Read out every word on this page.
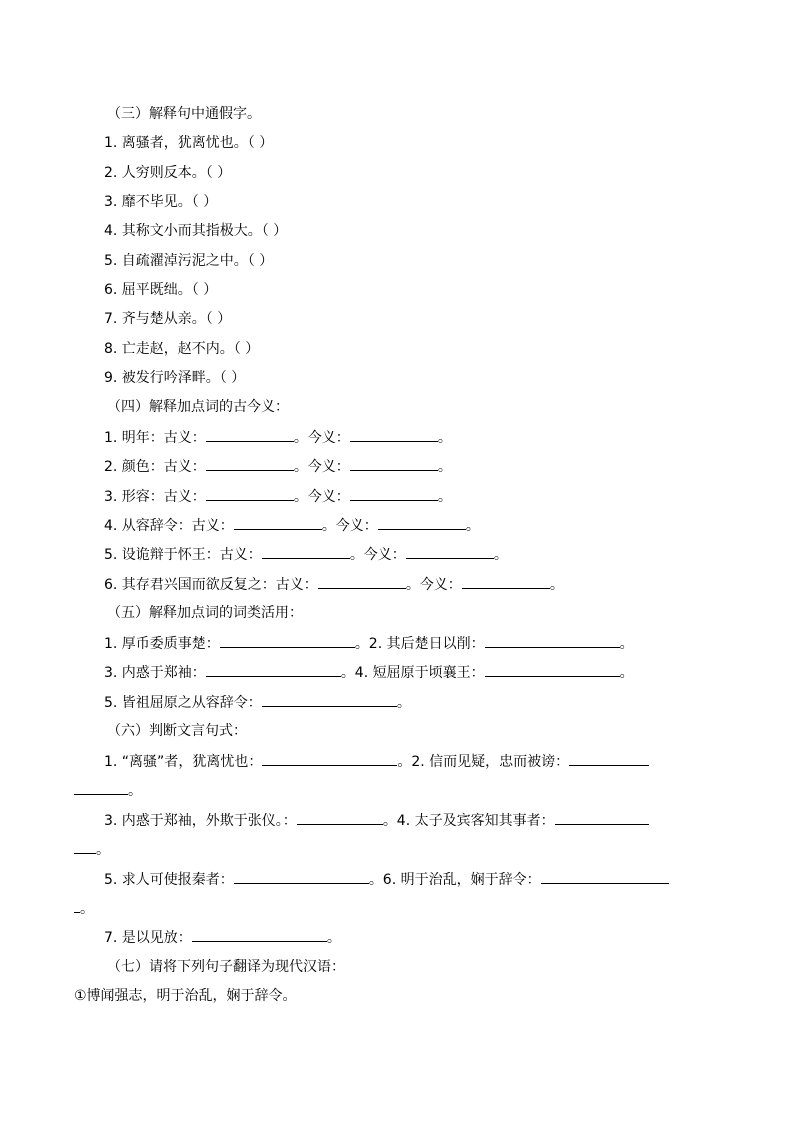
（三）解释句中通假字。
1. 离骚者，犹离忧也。（ ）
2. 人穷则反本。（ ）
3. 靡不毕见。（ ）
4. 其称文小而其指极大。（ ）
5. 自疏濯淖污泥之中。（ ）
6. 屈平既绌。（ ）
7. 齐与楚从亲。（ ）
8. 亡走赵，赵不内。（ ）
9. 被发行吟泽畔。（ ）
（四）解释加点词的古今义：
1. 明年：古义：	。今义：	。
2. 颜色：古义：	。今义：	。
3. 形容：古义：	。今义：	。
4. 从容辞令：古义：	。今义：	。
5. 设诡辩于怀王：古义：	。今义：	。
6. 其存君兴国而欲反复之：古义：	。今义：	。
（五）解释加点词的词类活用：
1. 厚币委质事楚：	。2. 其后楚日以削：	。
3. 内惑于郑袖：	。4. 短屈原于顷襄王：	。
5. 皆祖屈原之从容辞令：	。
（六）判断文言句式：
1. “离骚”者，犹离忧也：	。2. 信而见疑，忠而被谤：
。
3. 内惑于郑袖，外欺于张仪。：	。4. 太子及宾客知其事者：
。
5. 求人可使报秦者：	。6. 明于治乱，娴于辞令：
。
7. 是以见放：	。
（七）请将下列句子翻译为现代汉语：
①博闻强志，明于治乱，娴于辞令。
